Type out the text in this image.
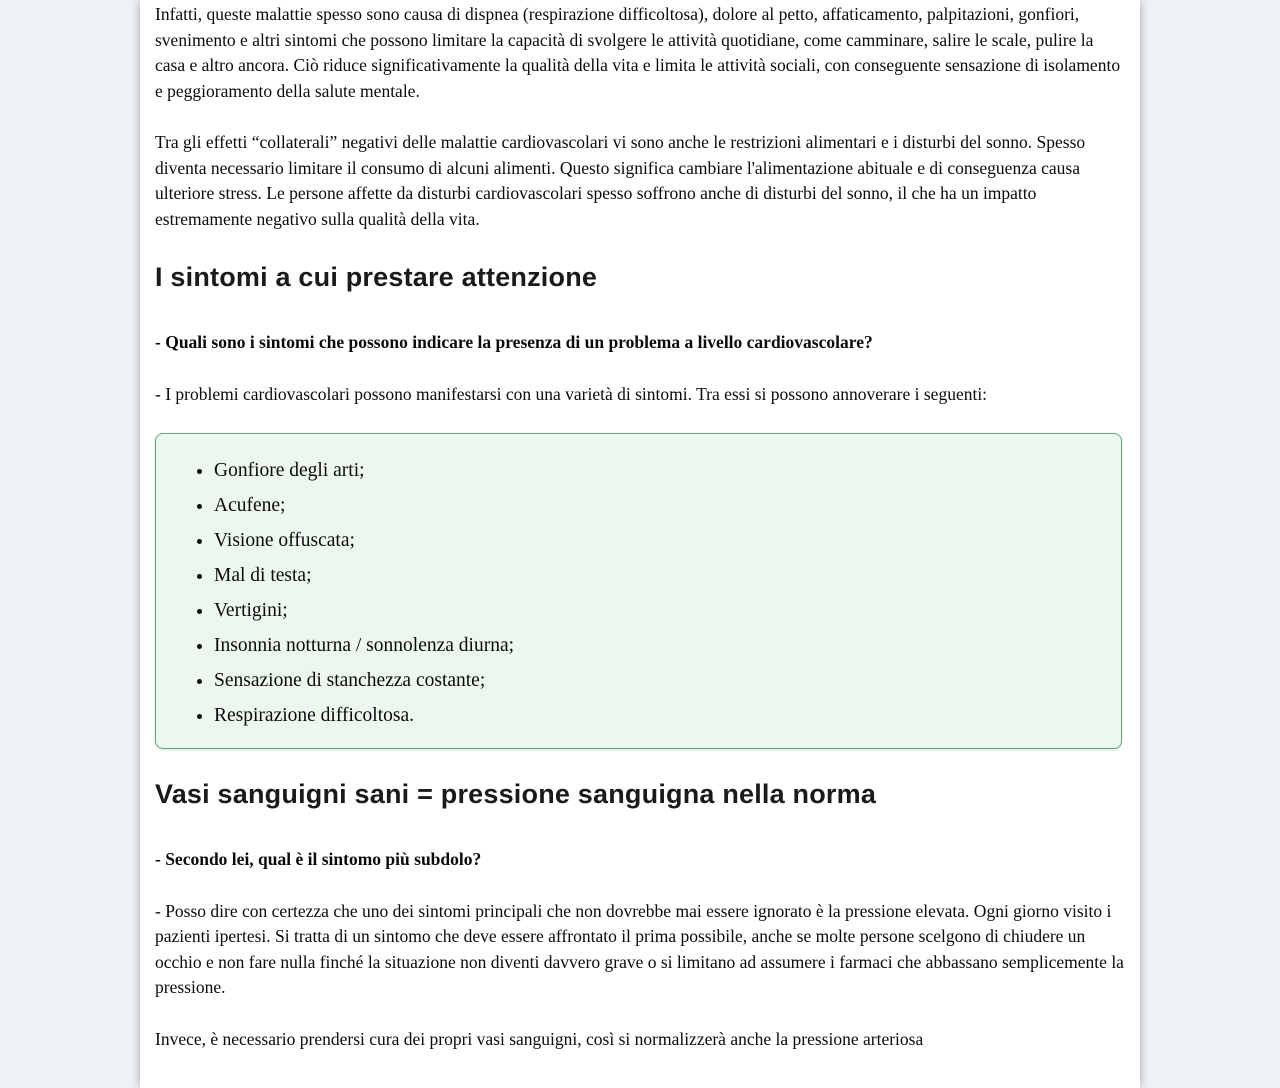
Infatti, queste malattie spesso sono causa di dispnea (respirazione difficoltosa), dolore al petto, affaticamento, palpitazioni, gonfiori, svenimento e altri sintomi che possono limitare la capacità di svolgere le attività quotidiane, come camminare, salire le scale, pulire la casa e altro ancora. Ciò riduce significativamente la qualità della vita e limita le attività sociali, con conseguente sensazione di isolamento e peggioramento della salute mentale.

Tra gli effetti “collaterali” negativi delle malattie cardiovascolari vi sono anche le restrizioni alimentari e i disturbi del sonno. Spesso diventa necessario limitare il consumo di alcuni alimenti. Questo significa cambiare l'alimentazione abituale e di conseguenza causa ulteriore stress. Le persone affette da disturbi cardiovascolari spesso soffrono anche di disturbi del sonno, il che ha un impatto estremamente negativo sulla qualità della vita.

I sintomi a cui prestare attenzione

- Quali sono i sintomi che possono indicare la presenza di un problema a livello cardiovascolare?

- I problemi cardiovascolari possono manifestarsi con una varietà di sintomi. Tra essi si possono annoverare i seguenti:

• Gonfiore degli arti;
• Acufene;
• Visione offuscata;
• Mal di testa;
• Vertigini;
• Insonnia notturna / sonnolenza diurna;
• Sensazione di stanchezza costante;
• Respirazione difficoltosa.
Vasi sanguigni sani = pressione sanguigna nella norma

- Secondo lei, qual è il sintomo più subdolo?

- Posso dire con certezza che uno dei sintomi principali che non dovrebbe mai essere ignorato è la pressione elevata. Ogni giorno visito i pazienti ipertesi. Si tratta di un sintomo che deve essere affrontato il prima possibile, anche se molte persone scelgono di chiudere un occhio e non fare nulla finché la situazione non diventi davvero grave o si limitano ad assumere i farmaci che abbassano semplicemente la pressione.

Invece, è necessario prendersi cura dei propri vasi sanguigni, così si normalizzerà anche la pressione arteriosa
